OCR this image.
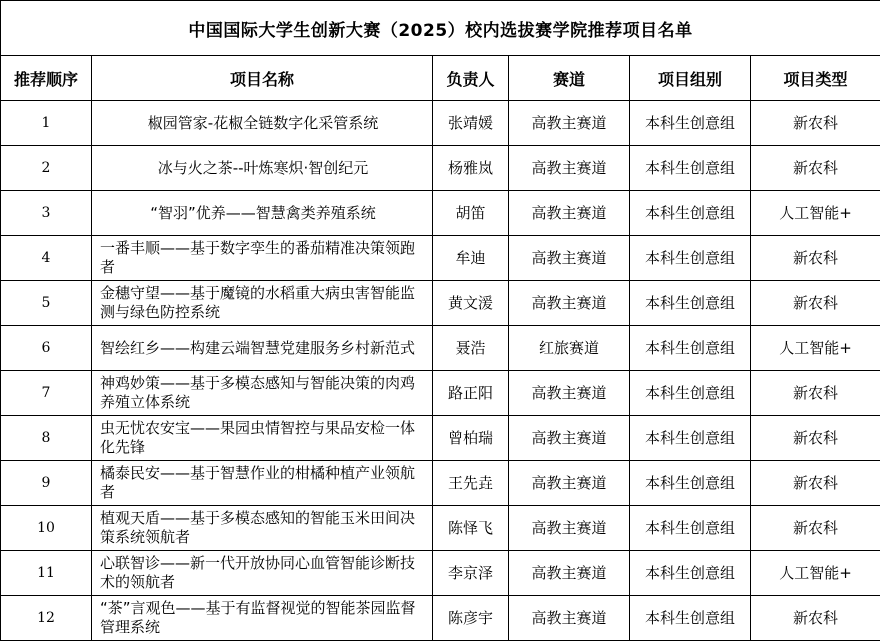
中国国际大学生创新大赛（2025）校内选拔赛学院推荐项目名单					
推荐顺序	项目名称	负责人	赛道	项目组别	项目类型
1	椒园管家-花椒全链数字化采管系统	张靖媛	高教主赛道	本科生创意组	新农科
2	冰与火之茶--叶炼寒炽·智创纪元	杨雅岚	高教主赛道	本科生创意组	新农科
3	“智羽”优养——智慧禽类养殖系统	胡笛	高教主赛道	本科生创意组	人工智能+
4	一番丰顺——基于数字孪生的番茄精准决策领跑者	牟迪	高教主赛道	本科生创意组	新农科
5	金穗守望——基于魔镜的水稻重大病虫害智能监测与绿色防控系统	黄文湲	高教主赛道	本科生创意组	新农科
6	智绘红乡——构建云端智慧党建服务乡村新范式	聂浩	红旅赛道	本科生创意组	人工智能+
7	神鸡妙策——基于多模态感知与智能决策的肉鸡养殖立体系统	路正阳	高教主赛道	本科生创意组	新农科
8	虫无忧农安宝——果园虫情智控与果品安检一体化先锋	曾柏瑞	高教主赛道	本科生创意组	新农科
9	橘泰民安——基于智慧作业的柑橘种植产业领航者	王先垚	高教主赛道	本科生创意组	新农科
10	植观天盾——基于多模态感知的智能玉米田间决策系统领航者	陈怿飞	高教主赛道	本科生创意组	新农科
11	心联智诊——新一代开放协同心血管智能诊断技术的领航者	李京泽	高教主赛道	本科生创意组	人工智能+
12	“茶”言观色——基于有监督视觉的智能茶园监督管理系统	陈彦宇	高教主赛道	本科生创意组	新农科
